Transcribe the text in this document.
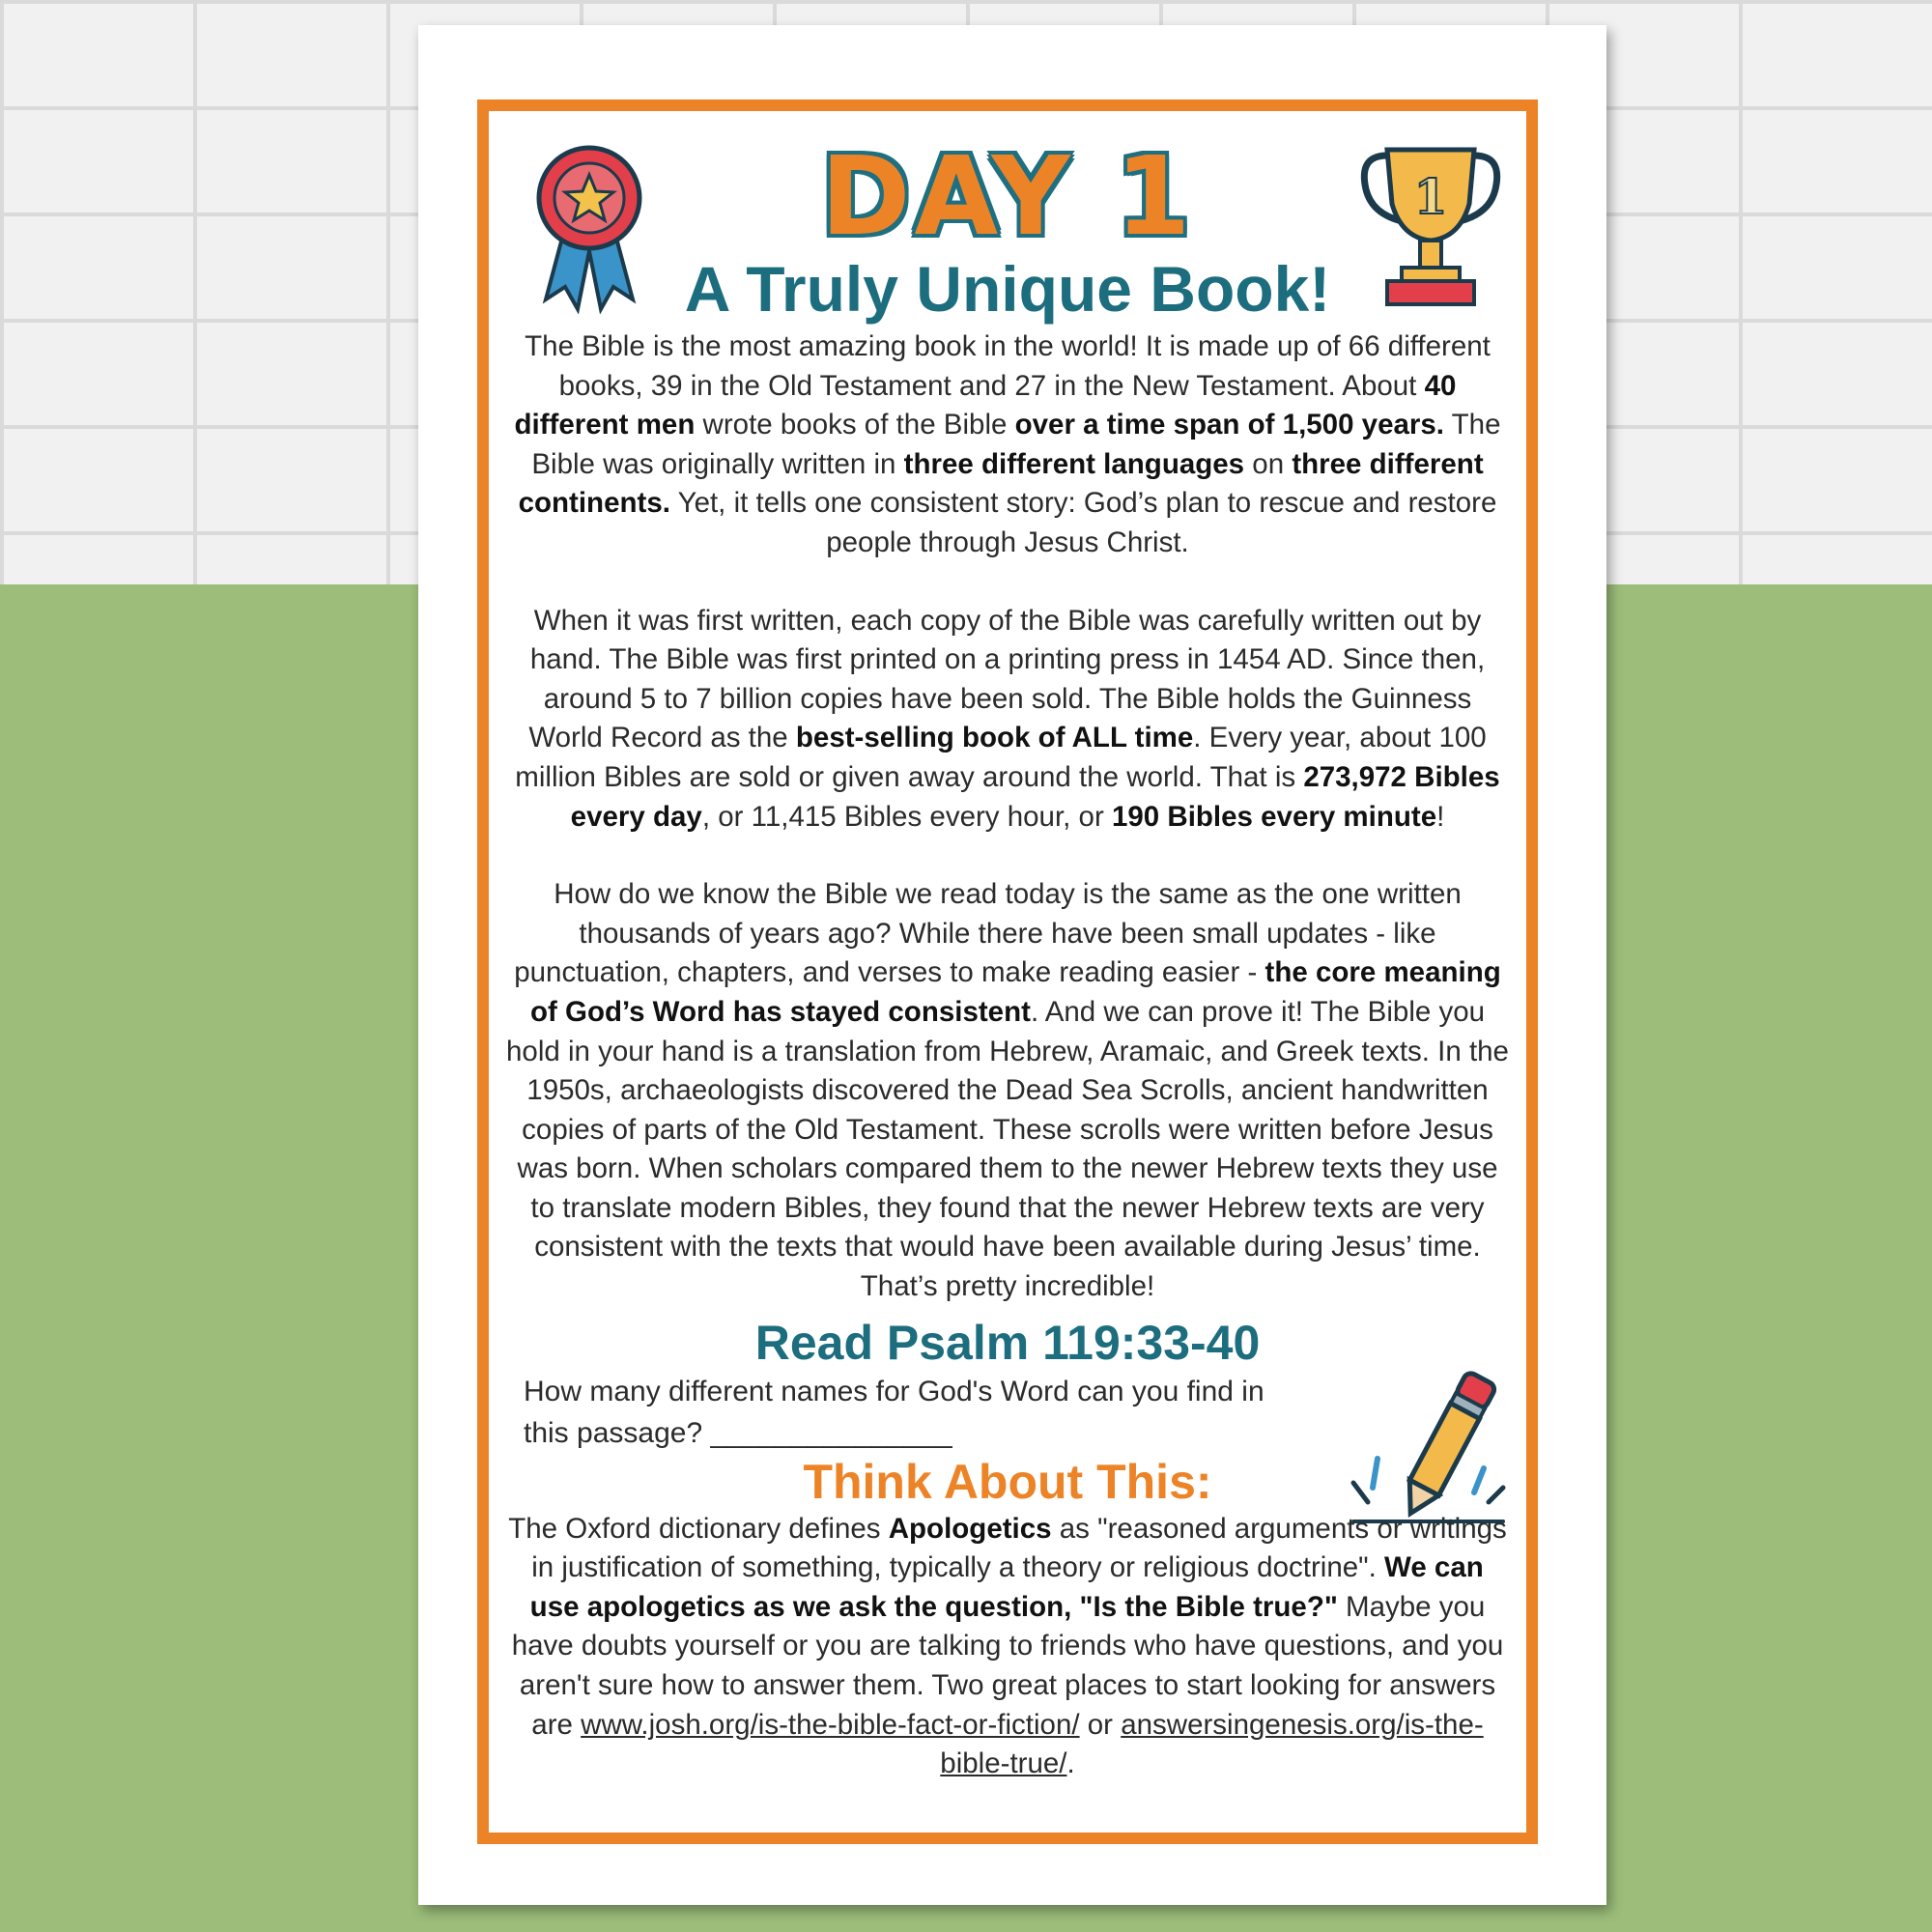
1
DAY 1
A Truly Unique Book!

The Bible is the most amazing book in the world! It is made up of 66 different books, 39 in the Old Testament and 27 in the New Testament. About 40 different men wrote books of the Bible over a time span of 1,500 years. The Bible was originally written in three different languages on three different continents. Yet, it tells one consistent story: God’s plan to rescue and restore people through Jesus Christ.

When it was first written, each copy of the Bible was carefully written out by hand. The Bible was first printed on a printing press in 1454 AD. Since then, around 5 to 7 billion copies have been sold. The Bible holds the Guinness World Record as the best-selling book of ALL time. Every year, about 100 million Bibles are sold or given away around the world. That is 273,972 Bibles every day, or 11,415 Bibles every hour, or 190 Bibles every minute!

How do we know the Bible we read today is the same as the one written thousands of years ago? While there have been small updates - like punctuation, chapters, and verses to make reading easier - the core meaning of God’s Word has stayed consistent. And we can prove it! The Bible you hold in your hand is a translation from Hebrew, Aramaic, and Greek texts. In the 1950s, archaeologists discovered the Dead Sea Scrolls, ancient handwritten copies of parts of the Old Testament. These scrolls were written before Jesus was born. When scholars compared them to the newer Hebrew texts they use to translate modern Bibles, they found that the newer Hebrew texts are very consistent with the texts that would have been available during Jesus’ time. That’s pretty incredible!

Read Psalm 119:33-40
How many different names for God's Word can you find in this passage? _______________
Think About This:

The Oxford dictionary defines Apologetics as "reasoned arguments or writings in justification of something, typically a theory or religious doctrine". We can use apologetics as we ask the question, "Is the Bible true?" Maybe you have doubts yourself or you are talking to friends who have questions, and you aren't sure how to answer them. Two great places to start looking for answers are www.josh.org/is-the-bible-fact-or-fiction/ or answersingenesis.org/is-the-bible-true/.
